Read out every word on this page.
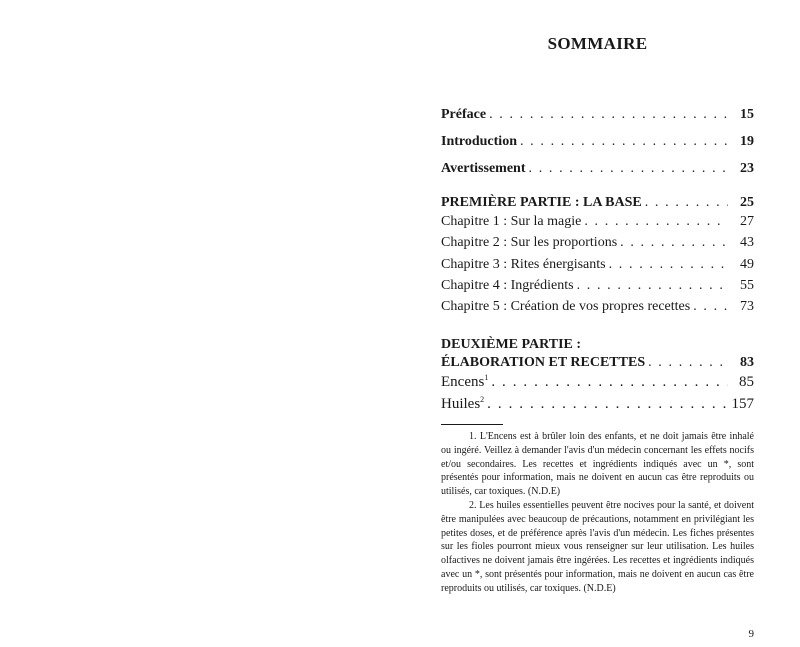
SOMMAIRE
Préface . . .	15
Introduction . . .	19
Avertissement . . .	23
PREMIÈRE PARTIE : LA BASE . . .	25
Chapitre 1 : Sur la magie . . .	27
Chapitre 2 : Sur les proportions . . .	43
Chapitre 3 : Rites énergisants . . .	49
Chapitre 4 : Ingrédients . . .	55
Chapitre 5 : Création de vos propres recettes . . .	73
DEUXIÈME PARTIE :
ÉLABORATION ET RECETTES . . .	83
Encens$^1$ . . .	85
Huiles$^2$ . . .	157

1. L'Encens est à brûler loin des enfants, et ne doit jamais être inhalé ou ingéré. Veillez à demander l'avis d'un médecin concernant les effets nocifs et/ou secondaires. Les recettes et ingrédients indiqués avec un *, sont présentés pour information, mais ne doivent en aucun cas être reproduits ou utilisés, car toxiques. (N.D.E)

2. Les huiles essentielles peuvent être nocives pour la santé, et doivent être manipulées avec beaucoup de précautions, notamment en privilégiant les petites doses, et de préférence après l'avis d'un médecin. Les fiches présentes sur les fioles pourront mieux vous renseigner sur leur utilisation. Les huiles olfactives ne doivent jamais être ingérées. Les recettes et ingrédients indiqués avec un *, sont présentés pour information, mais ne doivent en aucun cas être reproduits ou utilisés, car toxiques. (N.D.E)

9
